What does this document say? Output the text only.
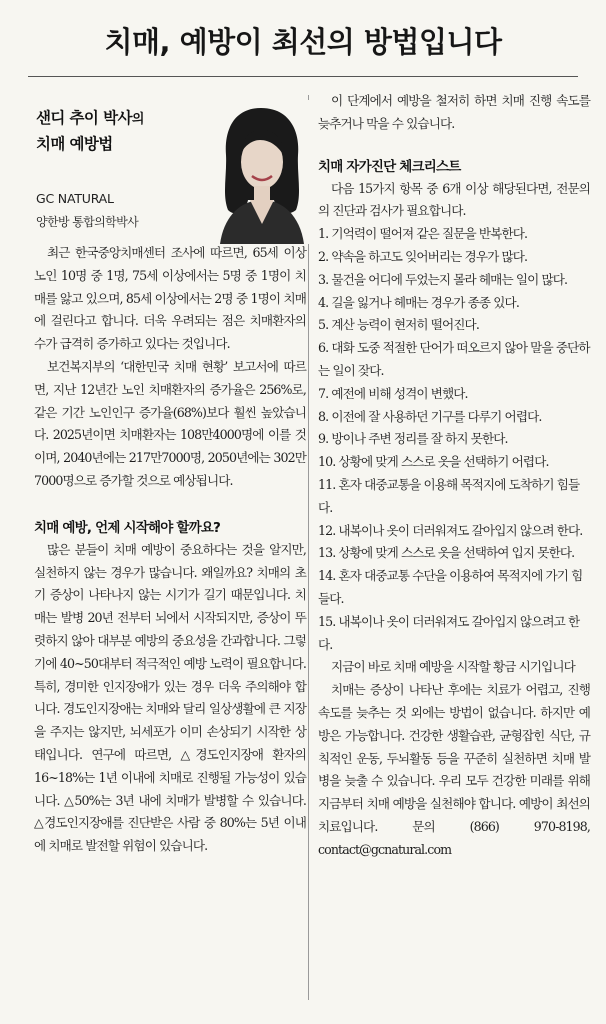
치매, 예방이 최선의 방법입니다
샌디 추이 박사의
치매 예방법
GC NATURAL
양한방 통합의학박사

최근 한국중앙치매센터 조사에 따르면, 65세 이상 노인 10명 중 1명, 75세 이상에서는 5명 중 1명이 치매를 앓고 있으며, 85세 이상에서는 2명 중 1명이 치매에 걸린다고 합니다. 더욱 우려되는 점은 치매환자의 수가 급격히 증가하고 있다는 것입니다.

보건복지부의 ‘대한민국 치매 현황’ 보고서에 따르면, 지난 12년간 노인 치매환자의 증가율은 256%로, 같은 기간 노인인구 증가율(68%)보다 훨씬 높았습니다. 2025년이면 치매환자는 108만4000명에 이를 것이며, 2040년에는 217만7000명, 2050년에는 302만7000명으로 증가할 것으로 예상됩니다.

치매 예방, 언제 시작해야 할까요?

많은 분들이 치매 예방이 중요하다는 것을 알지만, 실천하지 않는 경우가 많습니다. 왜일까요? 치매의 초기 증상이 나타나지 않는 시기가 길기 때문입니다. 치매는 발병 20년 전부터 뇌에서 시작되지만, 증상이 뚜렷하지 않아 대부분 예방의 중요성을 간과합니다. 그렇기에 40~50대부터 적극적인 예방 노력이 필요합니다. 특히, 경미한 인지장애가 있는 경우 더욱 주의해야 합니다. 경도인지장애는 치매와 달리 일상생활에 큰 지장을 주지는 않지만, 뇌세포가 이미 손상되기 시작한 상태입니다. 연구에 따르면, △경도인지장애 환자의 16~18%는 1년 이내에 치매로 진행될 가능성이 있습니다. △50%는 3년 내에 치매가 발병할 수 있습니다. △경도인지장애를 진단받은 사람 중 80%는 5년 이내에 치매로 발전할 위험이 있습니다.

이 단계에서 예방을 철저히 하면 치매 진행 속도를 늦추거나 막을 수 있습니다.

치매 자가진단 체크리스트

다음 15가지 항목 중 6개 이상 해당된다면, 전문의의 진단과 검사가 필요합니다.

1. 기억력이 떨어져 같은 질문을 반복한다.
2. 약속을 하고도 잊어버리는 경우가 많다.
3. 물건을 어디에 두었는지 몰라 헤매는 일이 많다.
4. 길을 잃거나 헤매는 경우가 종종 있다.
5. 계산 능력이 현저히 떨어진다.
6. 대화 도중 적절한 단어가 떠오르지 않아 말을 중단하는 일이 잦다.
7. 예전에 비해 성격이 변했다.
8. 이전에 잘 사용하던 기구를 다루기 어렵다.
9. 방이나 주변 정리를 잘 하지 못한다.
10. 상황에 맞게 스스로 옷을 선택하기 어렵다.
11. 혼자 대중교통을 이용해 목적지에 도착하기 힘들다.
12. 내복이나 옷이 더러워져도 갈아입지 않으려 한다.
13. 상황에 맞게 스스로 옷을 선택하여 입지 못한다.
14. 혼자 대중교통 수단을 이용하여 목적지에 가기 힘들다.
15. 내복이나 옷이 더러워져도 갈아입지 않으려고 한다.

지금이 바로 치매 예방을 시작할 황금 시기입니다

치매는 증상이 나타난 후에는 치료가 어렵고, 진행 속도를 늦추는 것 외에는 방법이 없습니다. 하지만 예방은 가능합니다. 건강한 생활습관, 균형잡힌 식단, 규칙적인 운동, 두뇌활동 등을 꾸준히 실천하면 치매 발병을 늦출 수 있습니다. 우리 모두 건강한 미래를 위해 지금부터 치매 예방을 실천해야 합니다. 예방이 최선의 치료입니다. 문의 (866) 970-8198, contact@gcnatural.com
